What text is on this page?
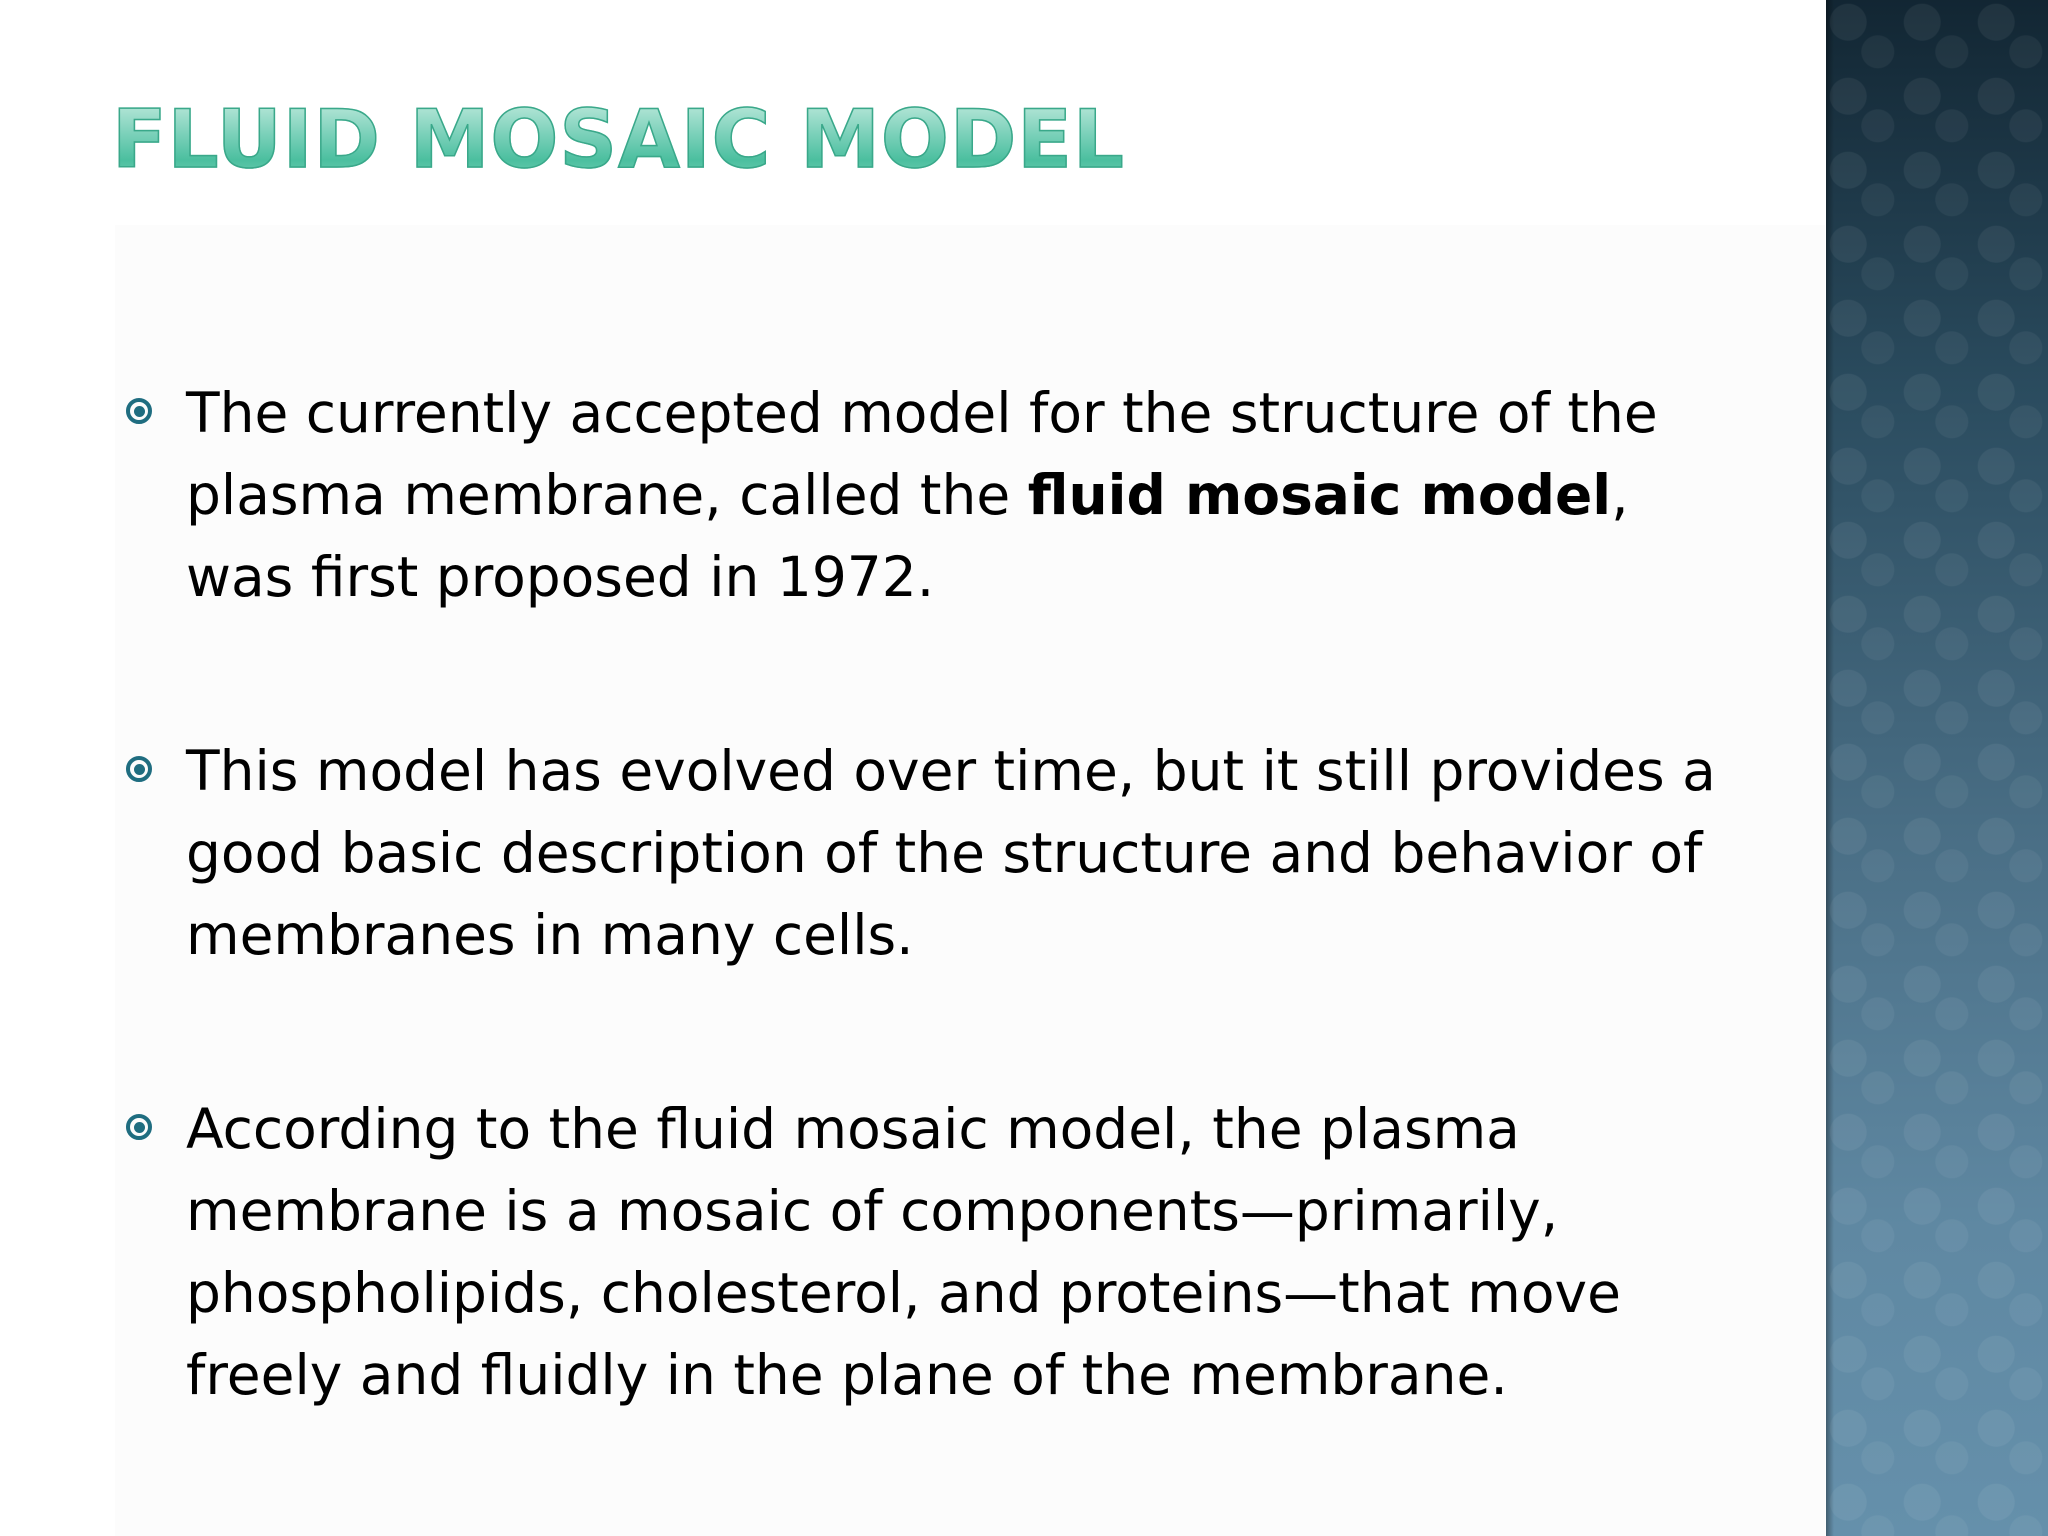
FLUID MOSAIC MODEL
The currently accepted model for the structure of the plasma membrane, called the fluid mosaic model, was first proposed in 1972.
This model has evolved over time, but it still provides a good basic description of the structure and behavior of membranes in many cells.
According to the fluid mosaic model, the plasma membrane is a mosaic of components—primarily, phospholipids, cholesterol, and proteins—that move freely and fluidly in the plane of the membrane.
